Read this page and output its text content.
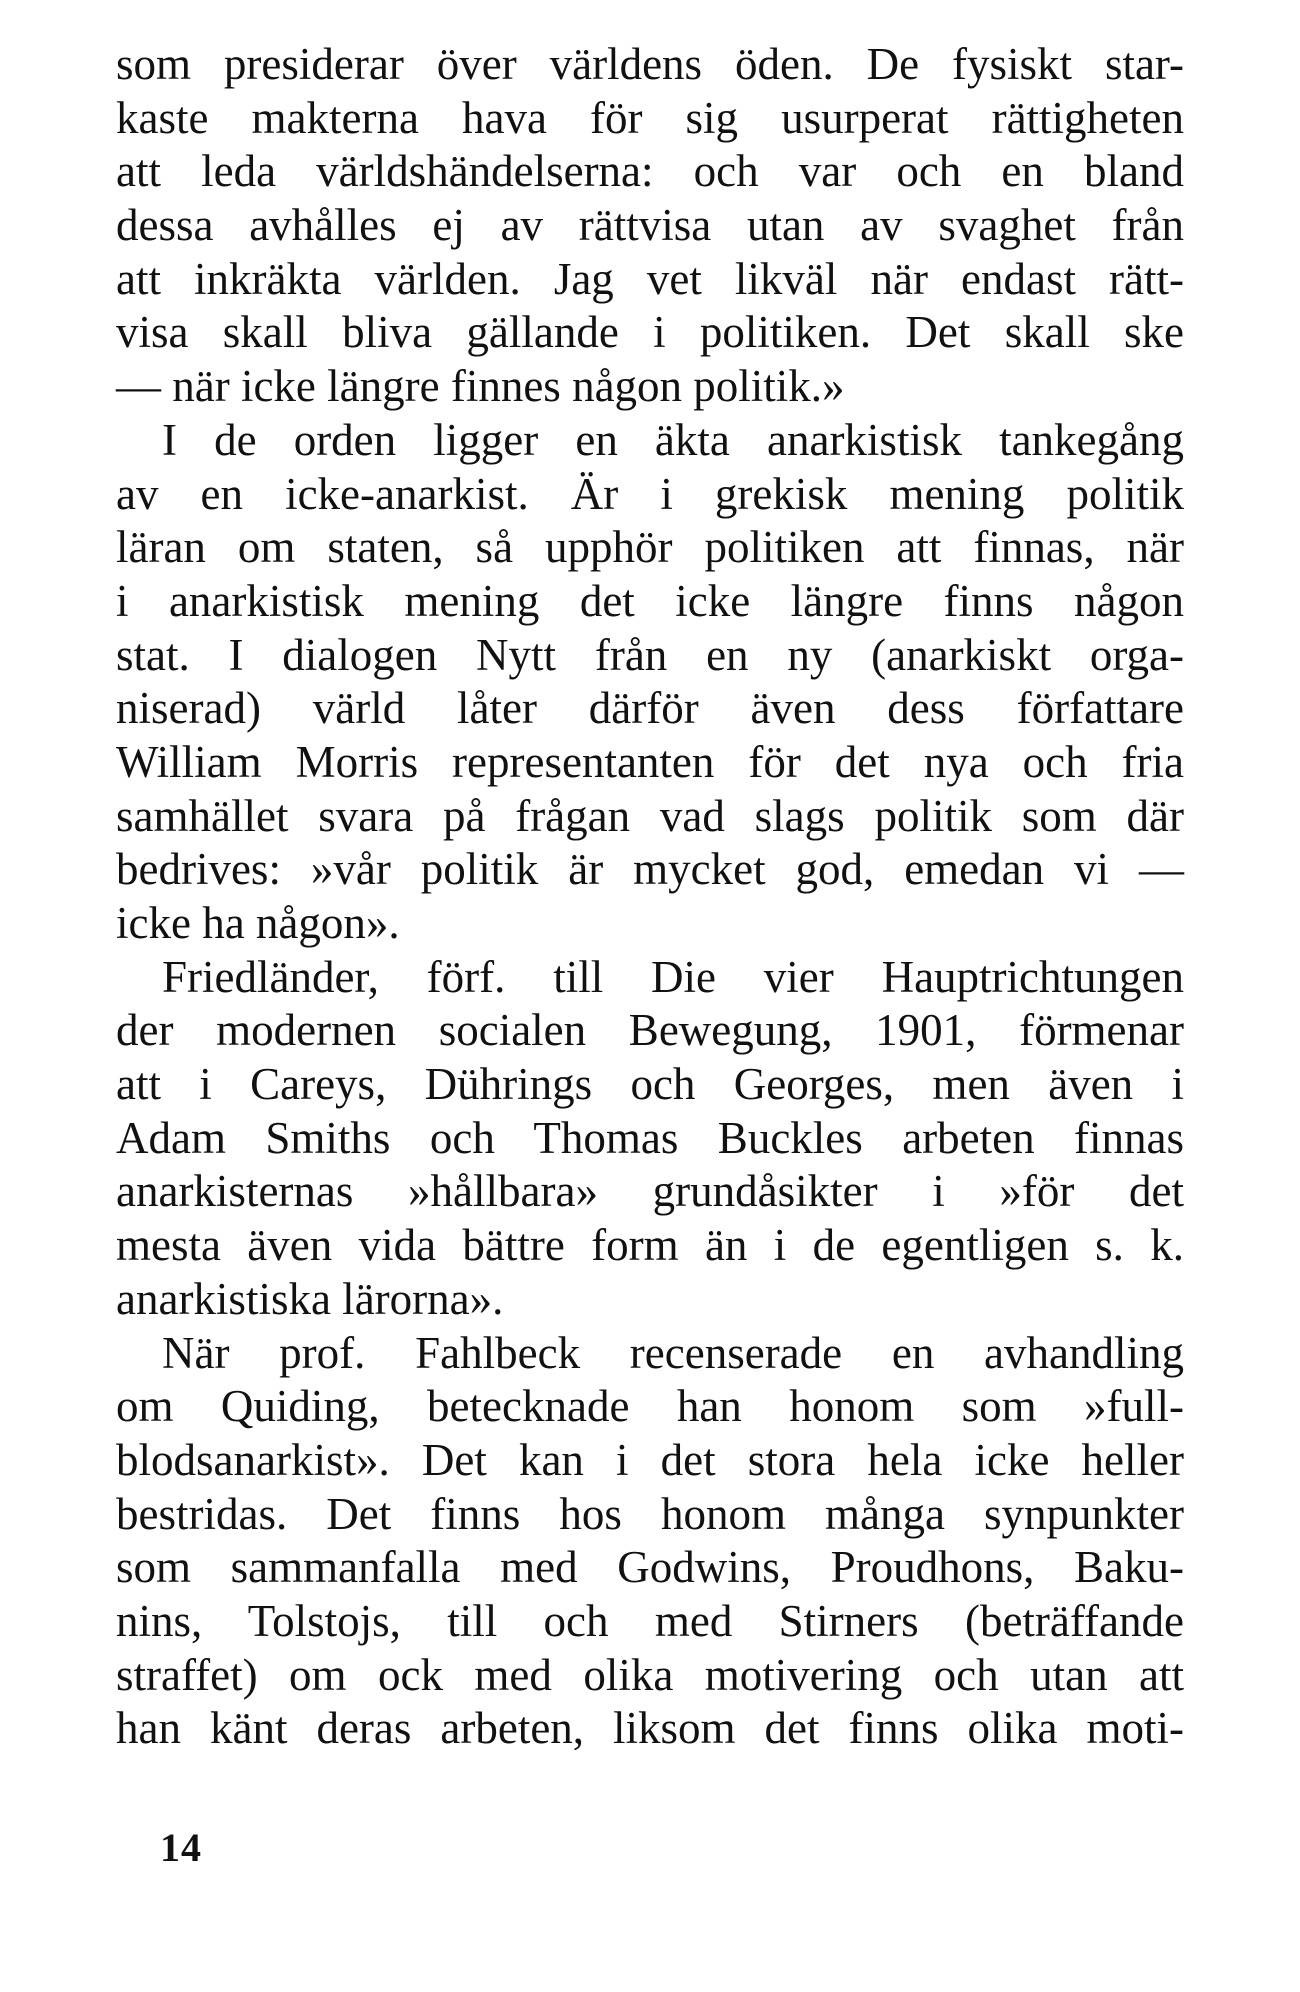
som presiderar över världens öden. De fysiskt star-
kaste makterna hava för sig usurperat rättigheten
att leda världshändelserna: och var och en bland
dessa avhålles ej av rättvisa utan av svaghet från
att inkräkta världen. Jag vet likväl när endast rätt-
visa skall bliva gällande i politiken. Det skall ske
— när icke längre finnes någon politik.»
I de orden ligger en äkta anarkistisk tankegång
av en icke-anarkist. Är i grekisk mening politik
läran om staten, så upphör politiken att finnas, när
i anarkistisk mening det icke längre finns någon
stat. I dialogen Nytt från en ny (anarkiskt orga-
niserad) värld låter därför även dess författare
William Morris representanten för det nya och fria
samhället svara på frågan vad slags politik som där
bedrives: »vår politik är mycket god, emedan vi —
icke ha någon».
Friedländer, förf. till Die vier Hauptrichtungen
der modernen socialen Bewegung, 1901, förmenar
att i Careys, Dührings och Georges, men även i
Adam Smiths och Thomas Buckles arbeten finnas
anarkisternas »hållbara» grundåsikter i »för det
mesta även vida bättre form än i de egentligen s. k.
anarkistiska lärorna».
När prof. Fahlbeck recenserade en avhandling
om Quiding, betecknade han honom som »full-
blodsanarkist». Det kan i det stora hela icke heller
bestridas. Det finns hos honom många synpunkter
som sammanfalla med Godwins, Proudhons, Baku-
nins, Tolstojs, till och med Stirners (beträffande
straffet) om ock med olika motivering och utan att
han känt deras arbeten, liksom det finns olika moti-
14
